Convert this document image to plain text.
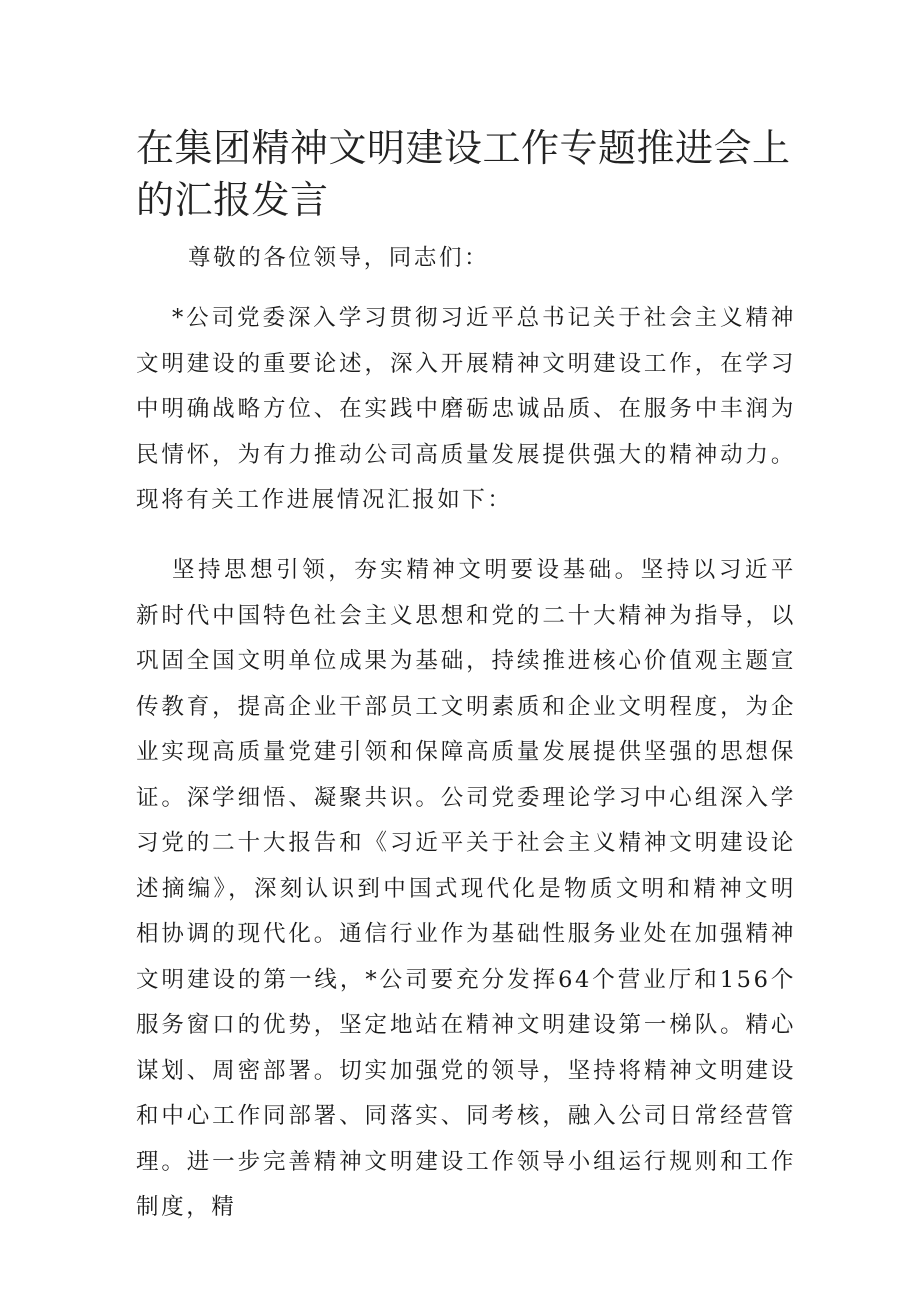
在集团精神文明建设工作专题推进会上的汇报发言

尊敬的各位领导，同志们：

*公司党委深入学习贯彻习近平总书记关于社会主义精神文明建设的重要论述，深入开展精神文明建设工作，在学习中明确战略方位、在实践中磨砺忠诚品质、在服务中丰润为民情怀，为有力推动公司高质量发展提供强大的精神动力。现将有关工作进展情况汇报如下：

坚持思想引领，夯实精神文明要设基础。坚持以习近平新时代中国特色社会主义思想和党的二十大精神为指导，以巩固全国文明单位成果为基础，持续推进核心价值观主题宣传教育，提高企业干部员工文明素质和企业文明程度，为企业实现高质量党建引领和保障高质量发展提供坚强的思想保证。深学细悟、凝聚共识。公司党委理论学习中心组深入学习党的二十大报告和《习近平关于社会主义精神文明建设论述摘编》，深刻认识到中国式现代化是物质文明和精神文明相协调的现代化。通信行业作为基础性服务业处在加强精神文明建设的第一线，*公司要充分发挥64个营业厅和156个服务窗口的优势，坚定地站在精神文明建设第一梯队。精心谋划、周密部署。切实加强党的领导，坚持将精神文明建设和中心工作同部署、同落实、同考核，融入公司日常经营管理。进一步完善精神文明建设工作领导小组运行规则和工作制度，精
